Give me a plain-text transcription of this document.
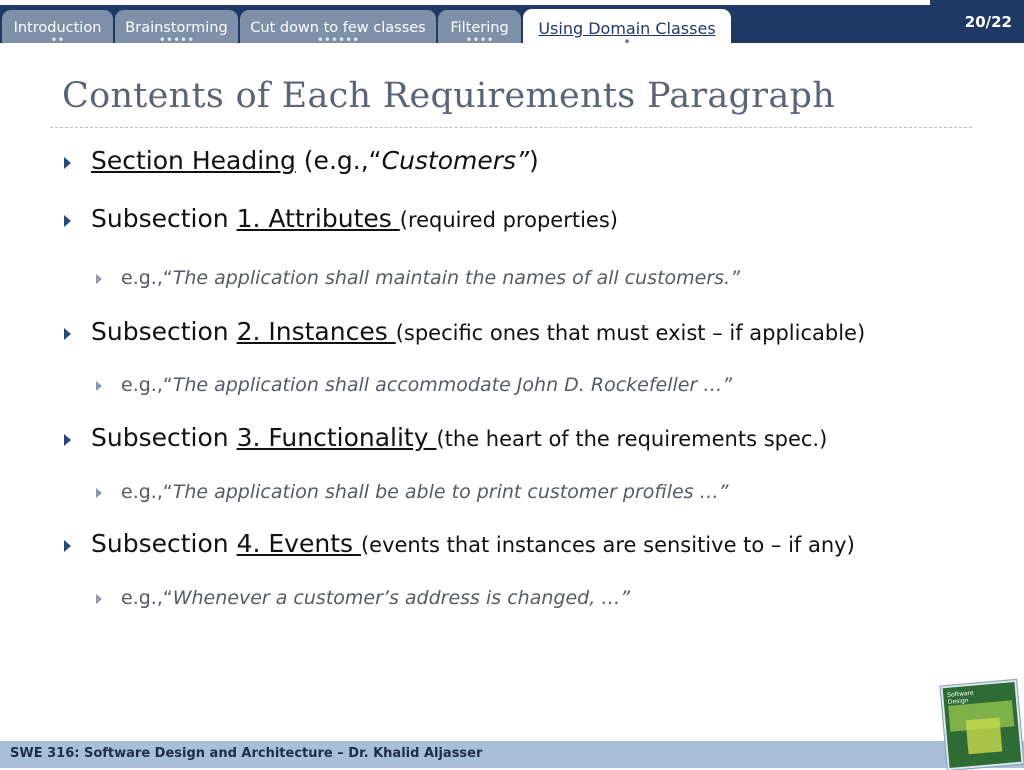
Introduction
••
Brainstorming
•••••
Cut down to few classes
••••••
Filtering
••••
Using Domain Classes
•
20/22
Contents of Each Requirements Paragraph
Section Heading (e.g.,“Customers”)
Subsection 1. Attributes (required properties)
e.g.,“The application shall maintain the names of all customers.”
Subsection 2. Instances (specific ones that must exist – if applicable)
e.g.,“The application shall accommodate John D. Rockefeller …”
Subsection 3. Functionality (the heart of the requirements spec.)
e.g.,“The application shall be able to print customer profiles …”
Subsection 4. Events (events that instances are sensitive to – if any)
e.g.,“Whenever a customer’s address is changed, …”
SWE 316: Software Design and Architecture – Dr. Khalid Aljasser
Software Design
